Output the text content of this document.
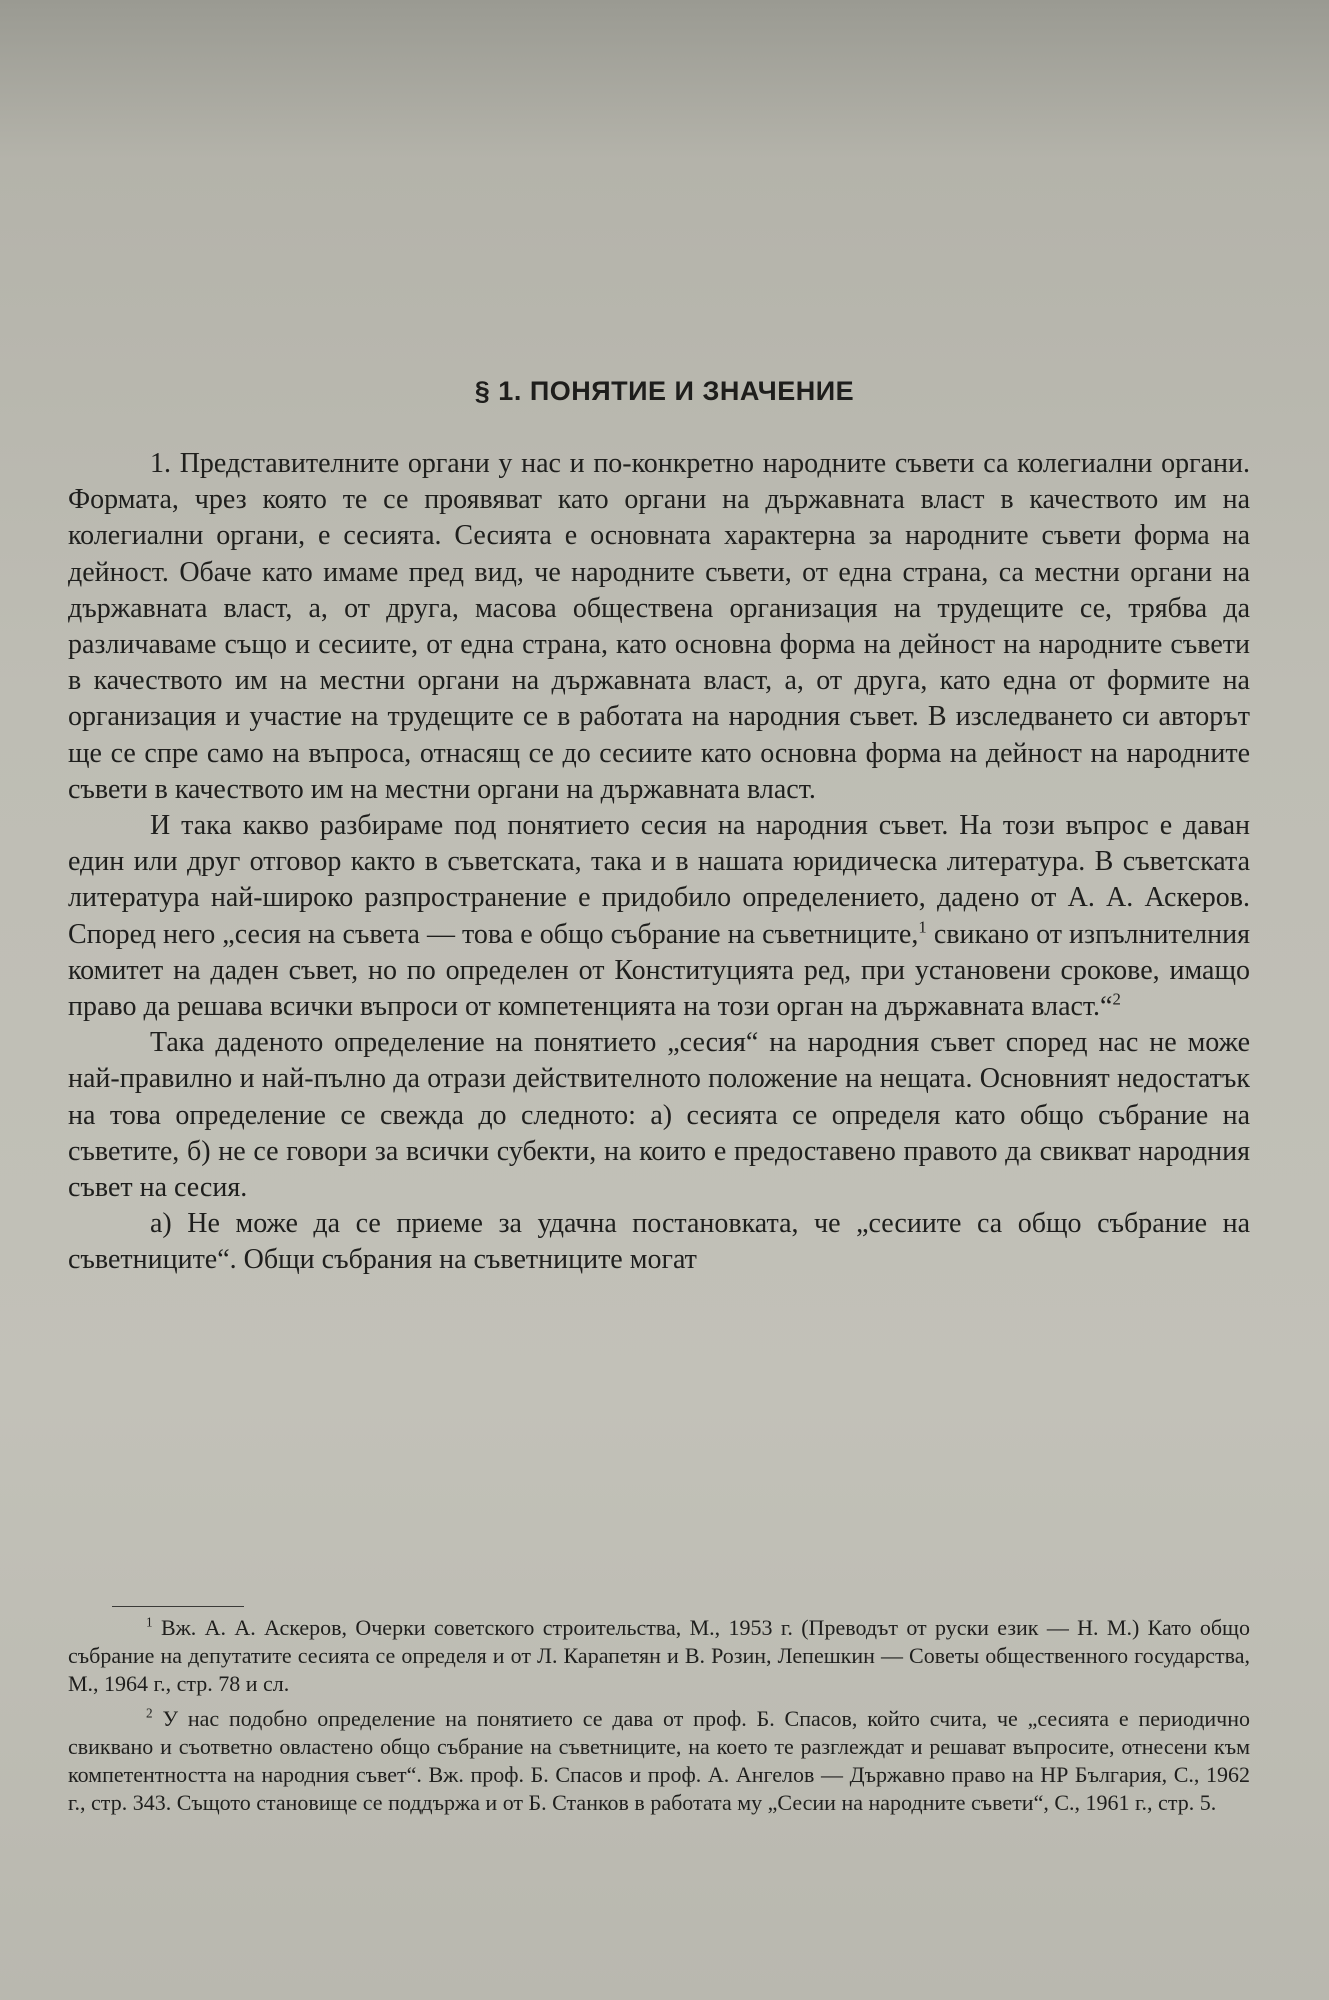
§ 1. ПОНЯТИЕ И ЗНАЧЕНИЕ

1. Представителните органи у нас и по-конкретно народните съвети са колегиални органи. Формата, чрез която те се проявяват като органи на държавната власт в качеството им на колегиални органи, е сесията. Сесията е основната характерна за народните съвети форма на дейност. Обаче като имаме пред вид, че народните съвети, от една страна, са местни органи на държавната власт, а, от друга, масова обществена организация на трудещите се, трябва да различаваме също и сесиите, от една страна, като основна форма на дейност на народните съвети в качеството им на местни органи на държавната власт, а, от друга, като една от формите на организация и участие на трудещите се в работата на народния съвет. В изследването си авторът ще се спре само на въпроса, отнасящ се до сесиите като основна форма на дейност на народните съвети в качеството им на местни органи на държавната власт.

И така какво разбираме под понятието сесия на народния съвет. На този въпрос е даван един или друг отговор както в съветската, така и в нашата юридическа литература. В съветската литература най-широко разпространение е придобило определението, дадено от А. А. Аскеров. Според него „сесия на съвета — това е общо събрание на съветниците,$^1$ свикано от изпълнителния комитет на даден съвет, но по определен от Конституцията ред, при установени срокове, имащо право да решава всички въпроси от компетенцията на този орган на държавната власт.“$^2$

Така даденото определение на понятието „сесия“ на народния съвет според нас не може най-правилно и най-пълно да отрази действителното положение на нещата. Основният недостатък на това определение се свежда до следното: а) сесията се определя като общо събрание на съветите, б) не се говори за всички субекти, на които е предоставено правото да свикват народния съвет на сесия.

а) Не може да се приеме за удачна постановката, че „сесиите са общо събрание на съветниците“. Общи събрания на съветниците могат

$^1$ Вж. А. А. Аскеров, Очерки советского строительства, М., 1953 г. (Преводът от руски език — Н. М.) Като общо събрание на депутатите сесията се определя и от Л. Карапетян и В. Розин, Лепешкин — Советы общественного государства, М., 1964 г., стр. 78 и сл.

$^2$ У нас подобно определение на понятието се дава от проф. Б. Спасов, който счита, че „сесията е периодично свиквано и съответно овластено общо събрание на съветниците, на което те разглеждат и решават въпросите, отнесени към компетентността на народния съвет“. Вж. проф. Б. Спасов и проф. А. Ангелов — Държавно право на НР България, С., 1962 г., стр. 343. Същото становище се поддържа и от Б. Станков в работата му „Сесии на народните съвети“, С., 1961 г., стр. 5.
